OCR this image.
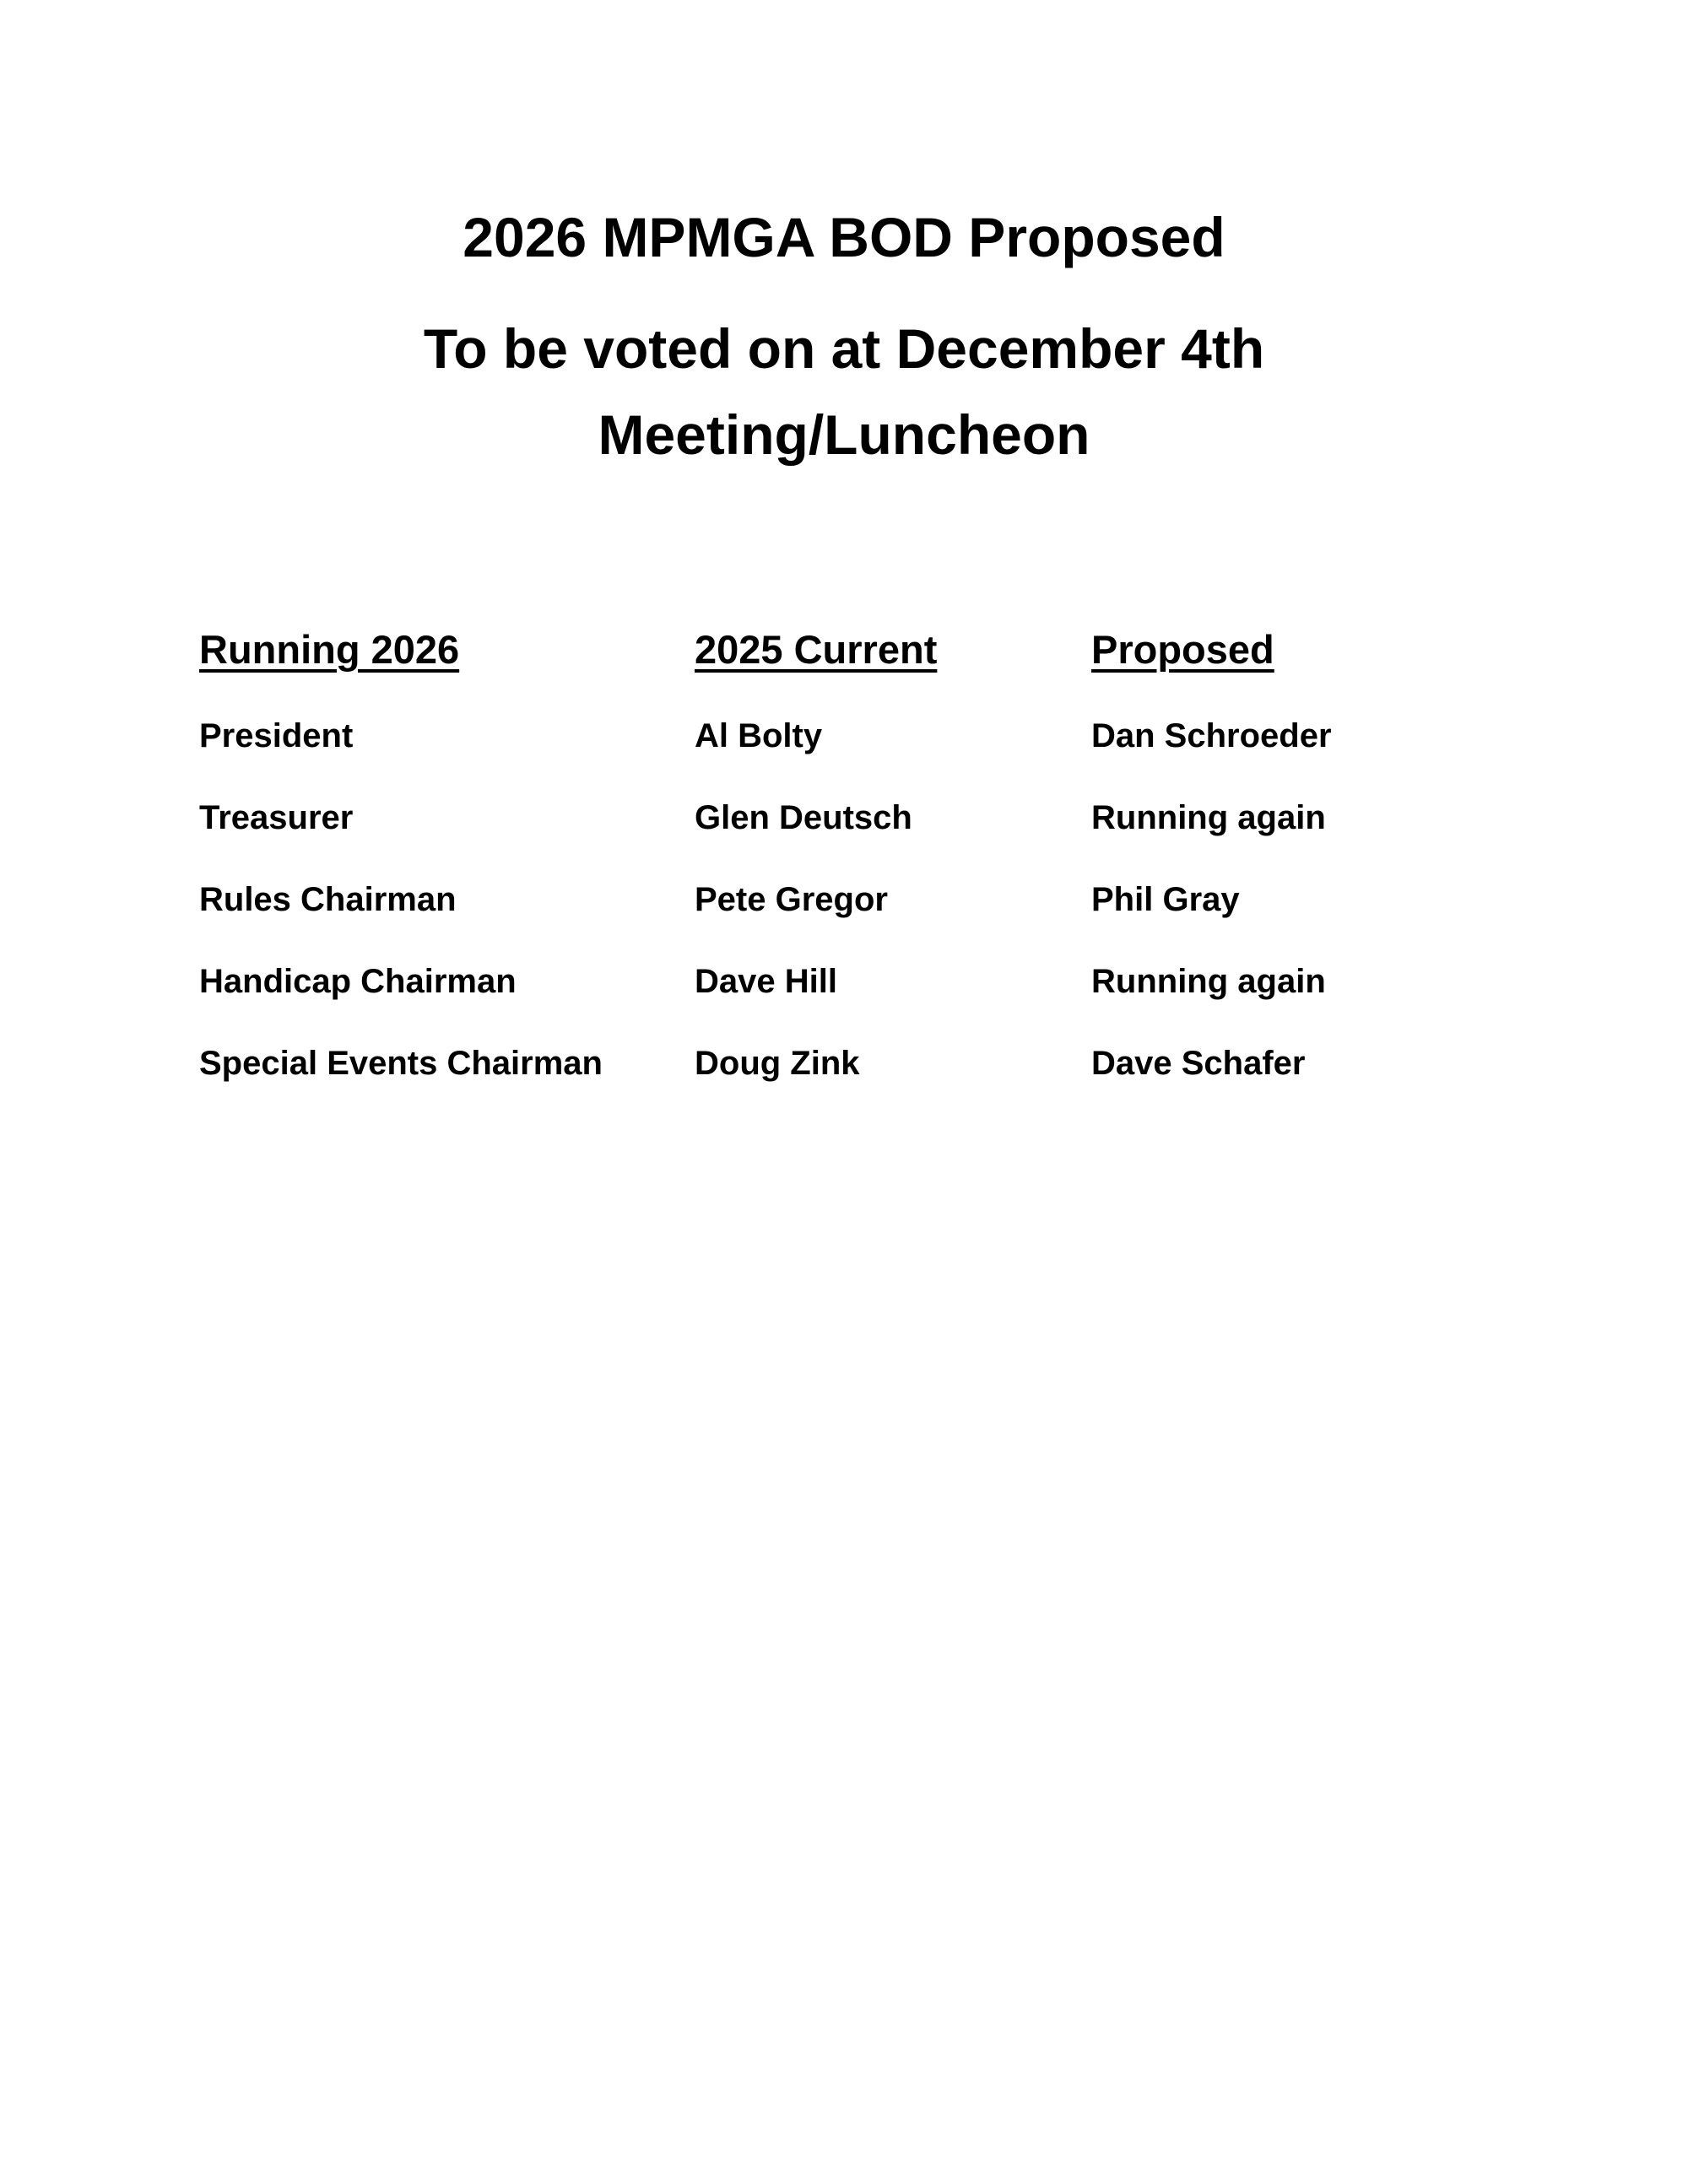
2026 MPMGA BOD Proposed
To be voted on at December 4th
Meeting/Luncheon
Running 2026	2025 Current	Proposed
President	Al Bolty	Dan Schroeder
Treasurer	Glen Deutsch	Running again
Rules Chairman	Pete Gregor	Phil Gray
Handicap Chairman	Dave Hill	Running again
Special Events Chairman	Doug Zink	Dave Schafer
